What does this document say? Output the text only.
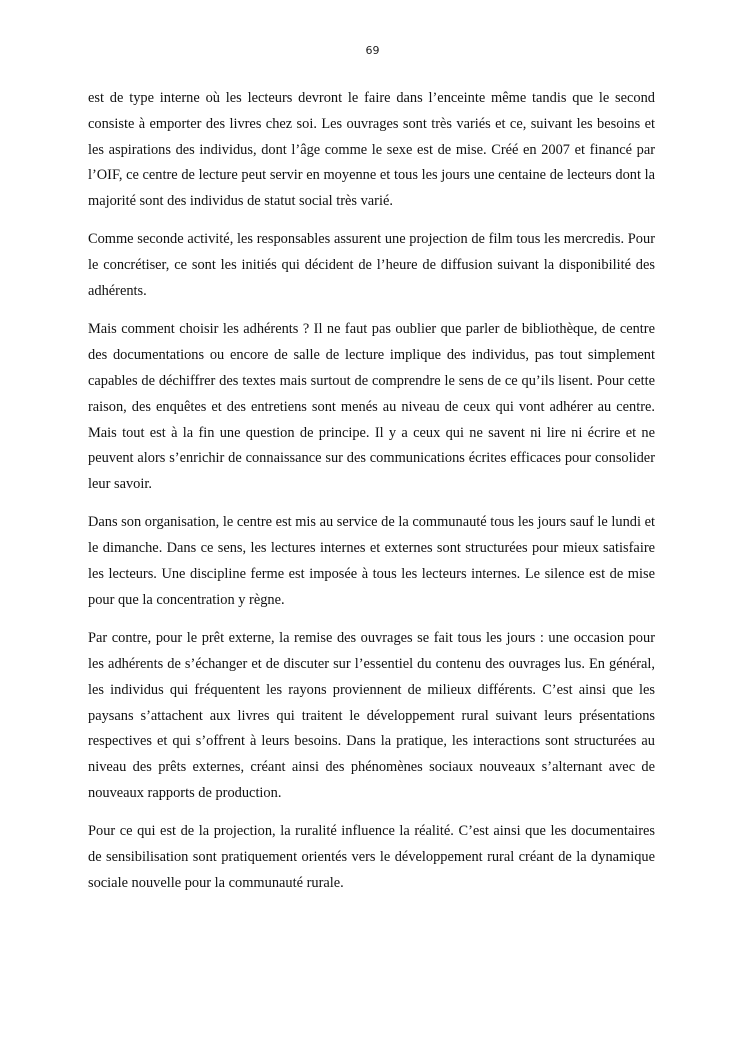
69

est de type interne où les lecteurs devront le faire dans l’enceinte même tandis que le second consiste à emporter des livres chez soi. Les ouvrages sont très variés et ce, suivant les besoins et les aspirations des individus, dont l’âge comme le sexe est de mise. Créé en 2007 et financé par l’OIF, ce centre de lecture peut servir en moyenne et tous les jours une centaine de lecteurs dont la majorité sont des individus de statut social très varié.

Comme seconde activité, les responsables assurent une projection de film tous les mercredis. Pour le concrétiser, ce sont les initiés qui décident de l’heure de diffusion suivant la disponibilité des adhérents.

Mais comment choisir les adhérents ? Il ne faut pas oublier que parler de bibliothèque, de centre des documentations ou encore de salle de lecture implique des individus, pas tout simplement capables de déchiffrer des textes mais surtout de comprendre le sens de ce qu’ils lisent. Pour cette raison, des enquêtes et des entretiens sont menés au niveau de ceux qui vont adhérer au centre. Mais tout est à la fin une question de principe. Il y a ceux qui ne savent ni lire ni écrire et ne peuvent alors s’enrichir de connaissance sur des communications écrites efficaces pour consolider leur savoir.

Dans son organisation, le centre est mis au service de la communauté tous les jours sauf le lundi et le dimanche. Dans ce sens, les lectures internes et externes sont structurées pour mieux satisfaire les lecteurs. Une discipline ferme est imposée à tous les lecteurs internes. Le silence est de mise pour que la concentration y règne.

Par contre, pour le prêt externe, la remise des ouvrages se fait tous les jours : une occasion pour les adhérents de s’échanger et de discuter sur l’essentiel du contenu des ouvrages lus. En général, les individus qui fréquentent les rayons proviennent de milieux différents. C’est ainsi que les paysans s’attachent aux livres qui traitent le développement rural suivant leurs présentations respectives et qui s’offrent à leurs besoins. Dans la pratique, les interactions sont structurées au niveau des prêts externes, créant ainsi des phénomènes sociaux nouveaux s’alternant avec de nouveaux rapports de production.

Pour ce qui est de la projection, la ruralité influence la réalité. C’est ainsi que les documentaires de sensibilisation sont pratiquement orientés vers le développement rural créant de la dynamique sociale nouvelle pour la communauté rurale.
